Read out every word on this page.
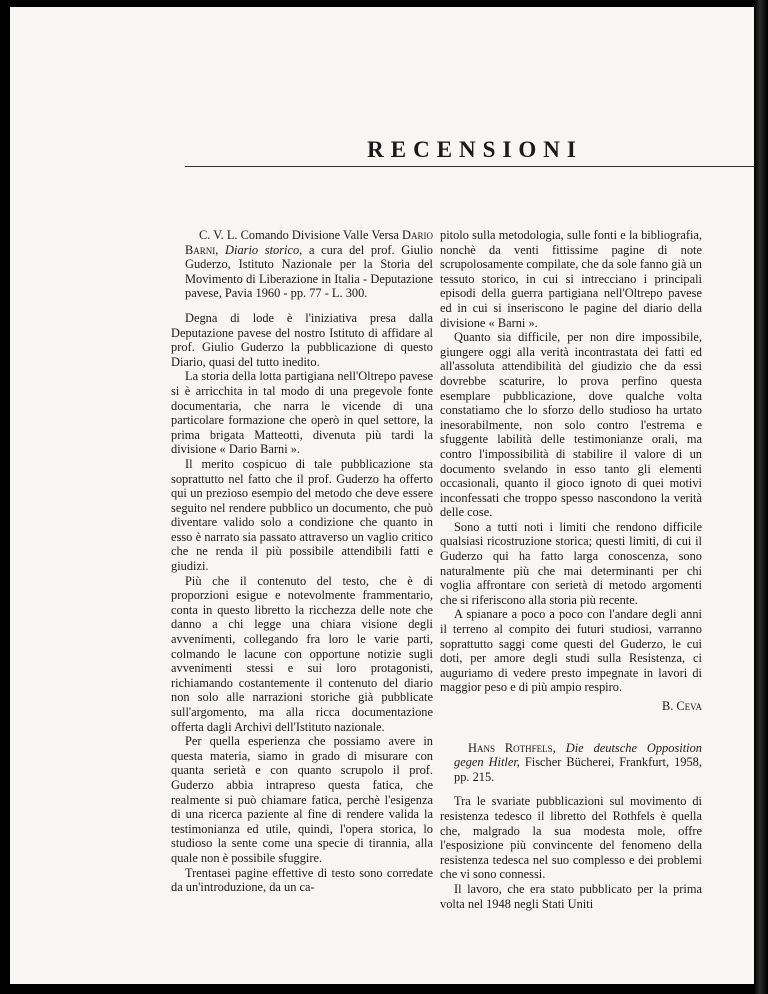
RECENSIONI

C. V. L. Comando Divisione Valle Versa Dario Barni, Diario storico, a cura del prof. Giulio Guderzo, Istituto Nazionale per la Storia del Movimento di Liberazione in Italia - Deputazione pavese, Pavia 1960 - pp. 77 - L. 300.

Degna di lode è l'iniziativa presa dalla Deputazione pavese del nostro Istituto di affidare al prof. Giulio Guderzo la pubblicazione di questo Diario, quasi del tutto inedito.

La storia della lotta partigiana nell'Oltrepo pavese si è arricchita in tal modo di una pregevole fonte documentaria, che narra le vicende di una particolare formazione che operò in quel settore, la prima brigata Matteotti, divenuta più tardi la divisione « Dario Barni ».

Il merito cospicuo di tale pubblicazione sta soprattutto nel fatto che il prof. Guderzo ha offerto qui un prezioso esempio del metodo che deve essere seguito nel rendere pubblico un documento, che può diventare valido solo a condizione che quanto in esso è narrato sia passato attraverso un vaglio critico che ne renda il più possibile attendibili fatti e giudizi.

Più che il contenuto del testo, che è di proporzioni esigue e notevolmente frammentario, conta in questo libretto la ricchezza delle note che danno a chi legge una chiara visione degli avvenimenti, collegando fra loro le varie parti, colmando le lacune con opportune notizie sugli avvenimenti stessi e sui loro protagonisti, richiamando costantemente il contenuto del diario non solo alle narrazioni storiche già pubblicate sull'argomento, ma alla ricca documentazione offerta dagli Archivi dell'Istituto nazionale.

Per quella esperienza che possiamo avere in questa materia, siamo in grado di misurare con quanta serietà e con quanto scrupolo il prof. Guderzo abbia intrapreso questa fatica, che realmente si può chiamare fatica, perchè l'esigenza di una ricerca paziente al fine di rendere valida la testimonianza ed utile, quindi, l'opera storica, lo studioso la sente come una specie di tirannia, alla quale non è possibile sfuggire.

Trentasei pagine effettive di testo sono corredate da un'introduzione, da un ca-

pitolo sulla metodologia, sulle fonti e la bibliografia, nonchè da venti fittissime pagine di note scrupolosamente compilate, che da sole fanno già un tessuto storico, in cui si intrecciano i principali episodi della guerra partigiana nell'Oltrepo pavese ed in cui si inseriscono le pagine del diario della divisione « Barni ».

Quanto sia difficile, per non dire impossibile, giungere oggi alla verità incontrastata dei fatti ed all'assoluta attendibilità del giudizio che da essi dovrebbe scaturire, lo prova perfino questa esemplare pubblicazione, dove qualche volta constatiamo che lo sforzo dello studioso ha urtato inesorabilmente, non solo contro l'estrema e sfuggente labilità delle testimonianze orali, ma contro l'impossibilità di stabilire il valore di un documento svelando in esso tanto gli elementi occasionali, quanto il gioco ignoto di quei motivi inconfessati che troppo spesso nascondono la verità delle cose.

Sono a tutti noti i limiti che rendono difficile qualsiasi ricostruzione storica; questi limiti, di cui il Guderzo qui ha fatto larga conoscenza, sono naturalmente più che mai determinanti per chi voglia affrontare con serietà di metodo argomenti che si riferiscono alla storia più recente.

A spianare a poco a poco con l'andare degli anni il terreno al compito dei futuri studiosi, varranno soprattutto saggi come questi del Guderzo, le cui doti, per amore degli studi sulla Resistenza, ci auguriamo di vedere presto impegnate in lavori di maggior peso e di più ampio respiro.

B. Ceva

Hans Rothfels, Die deutsche Opposition gegen Hitler, Fischer Bücherei, Frankfurt, 1958, pp. 215.

Tra le svariate pubblicazioni sul movimento di resistenza tedesco il libretto del Rothfels è quella che, malgrado la sua modesta mole, offre l'esposizione più convincente del fenomeno della resistenza tedesca nel suo complesso e dei problemi che vi sono connessi.

Il lavoro, che era stato pubblicato per la prima volta nel 1948 negli Stati Uniti
